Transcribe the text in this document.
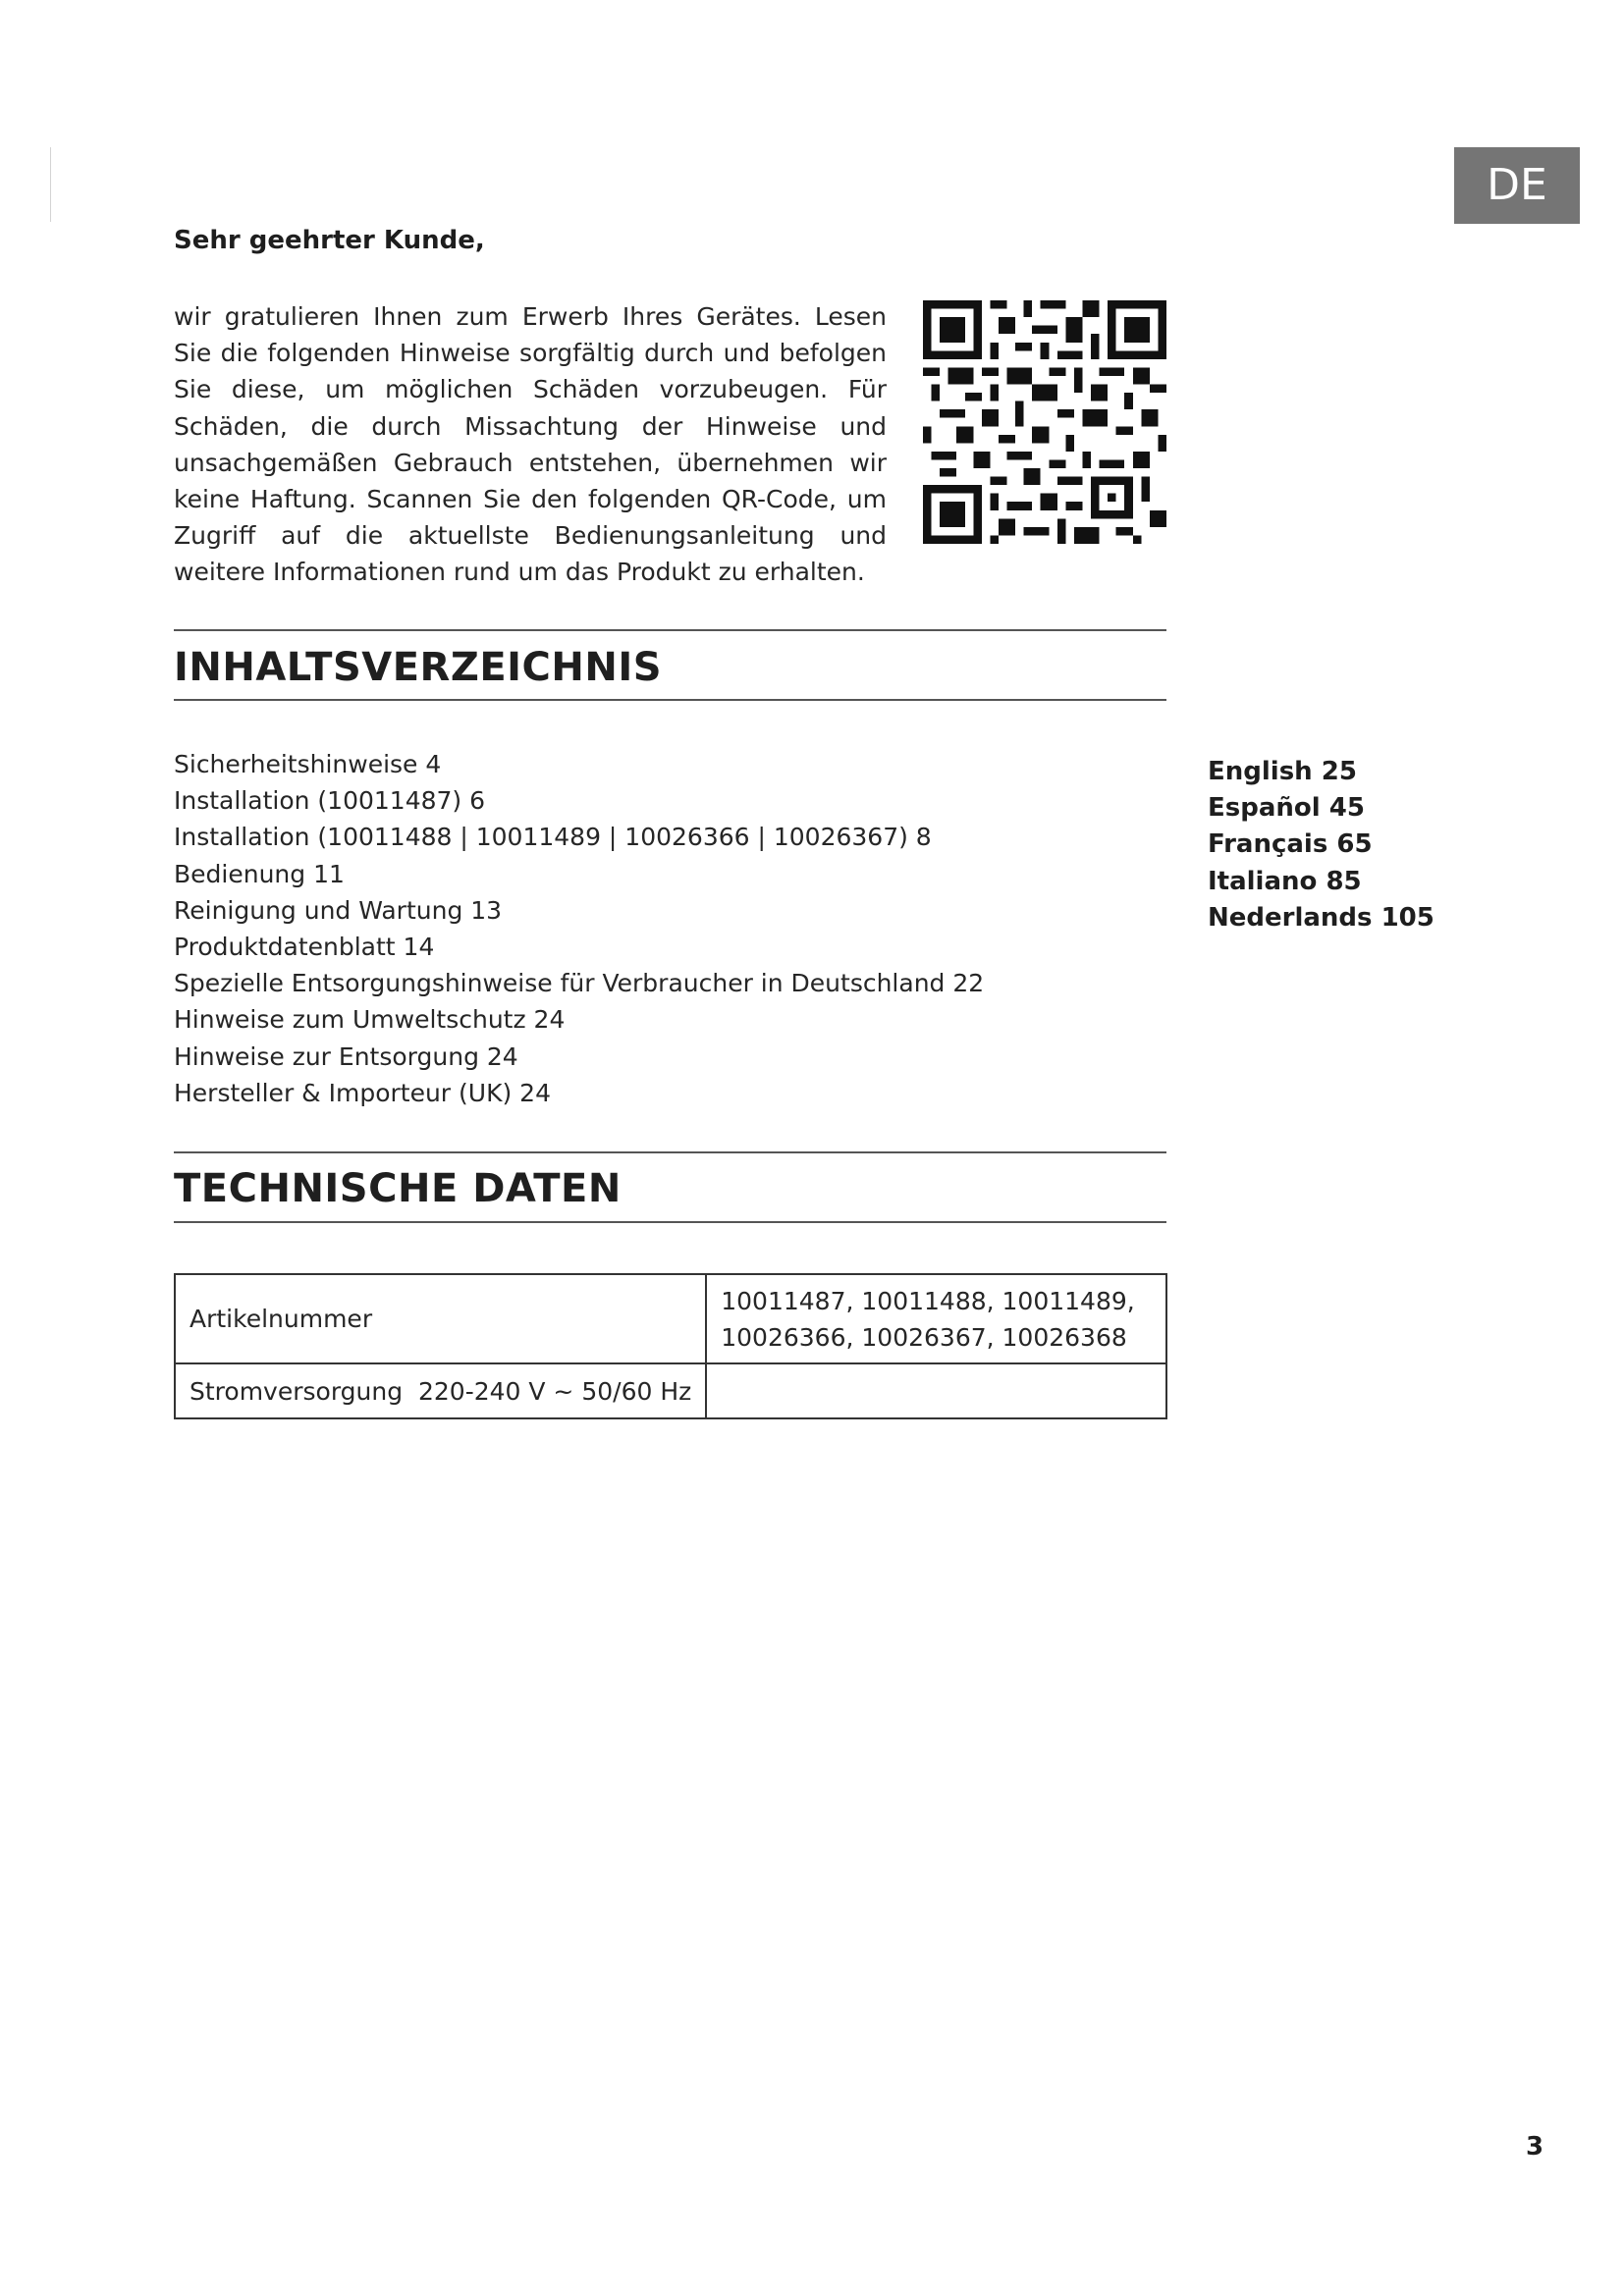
DE

Sehr geehrter Kunde,

wir gratulieren Ihnen zum Erwerb Ihres Gerätes. Lesen Sie die folgenden Hinweise sorgfältig durch und befolgen Sie diese, um möglichen Schäden vorzubeugen. Für Schäden, die durch Missachtung der Hinweise und unsachgemäßen Gebrauch entstehen, übernehmen wir keine Haftung. Scannen Sie den folgenden QR-Code, um Zugriff auf die aktuellste Bedienungsanleitung und weitere Informationen rund um das Produkt zu erhalten.

INHALTSVERZEICHNIS
Sicherheitshinweise 4
Installation (10011487) 6
Installation (10011488 | 10011489 | 10026366 | 10026367) 8
Bedienung 11
Reinigung und Wartung 13
Produktdatenblatt 14
Spezielle Entsorgungshinweise für Verbraucher in Deutschland 22
Hinweise zum Umweltschutz 24
Hinweise zur Entsorgung 24
Hersteller & Importeur (UK) 24
English 25
Español 45
Français 65
Italiano 85
Nederlands 105
TECHNISCHE DATEN
Artikelnummer	10011487, 10011488, 10011489,
10026366, 10026367, 10026368

Stromversorgung  220-240 V ~ 50/60 Hz	
3
